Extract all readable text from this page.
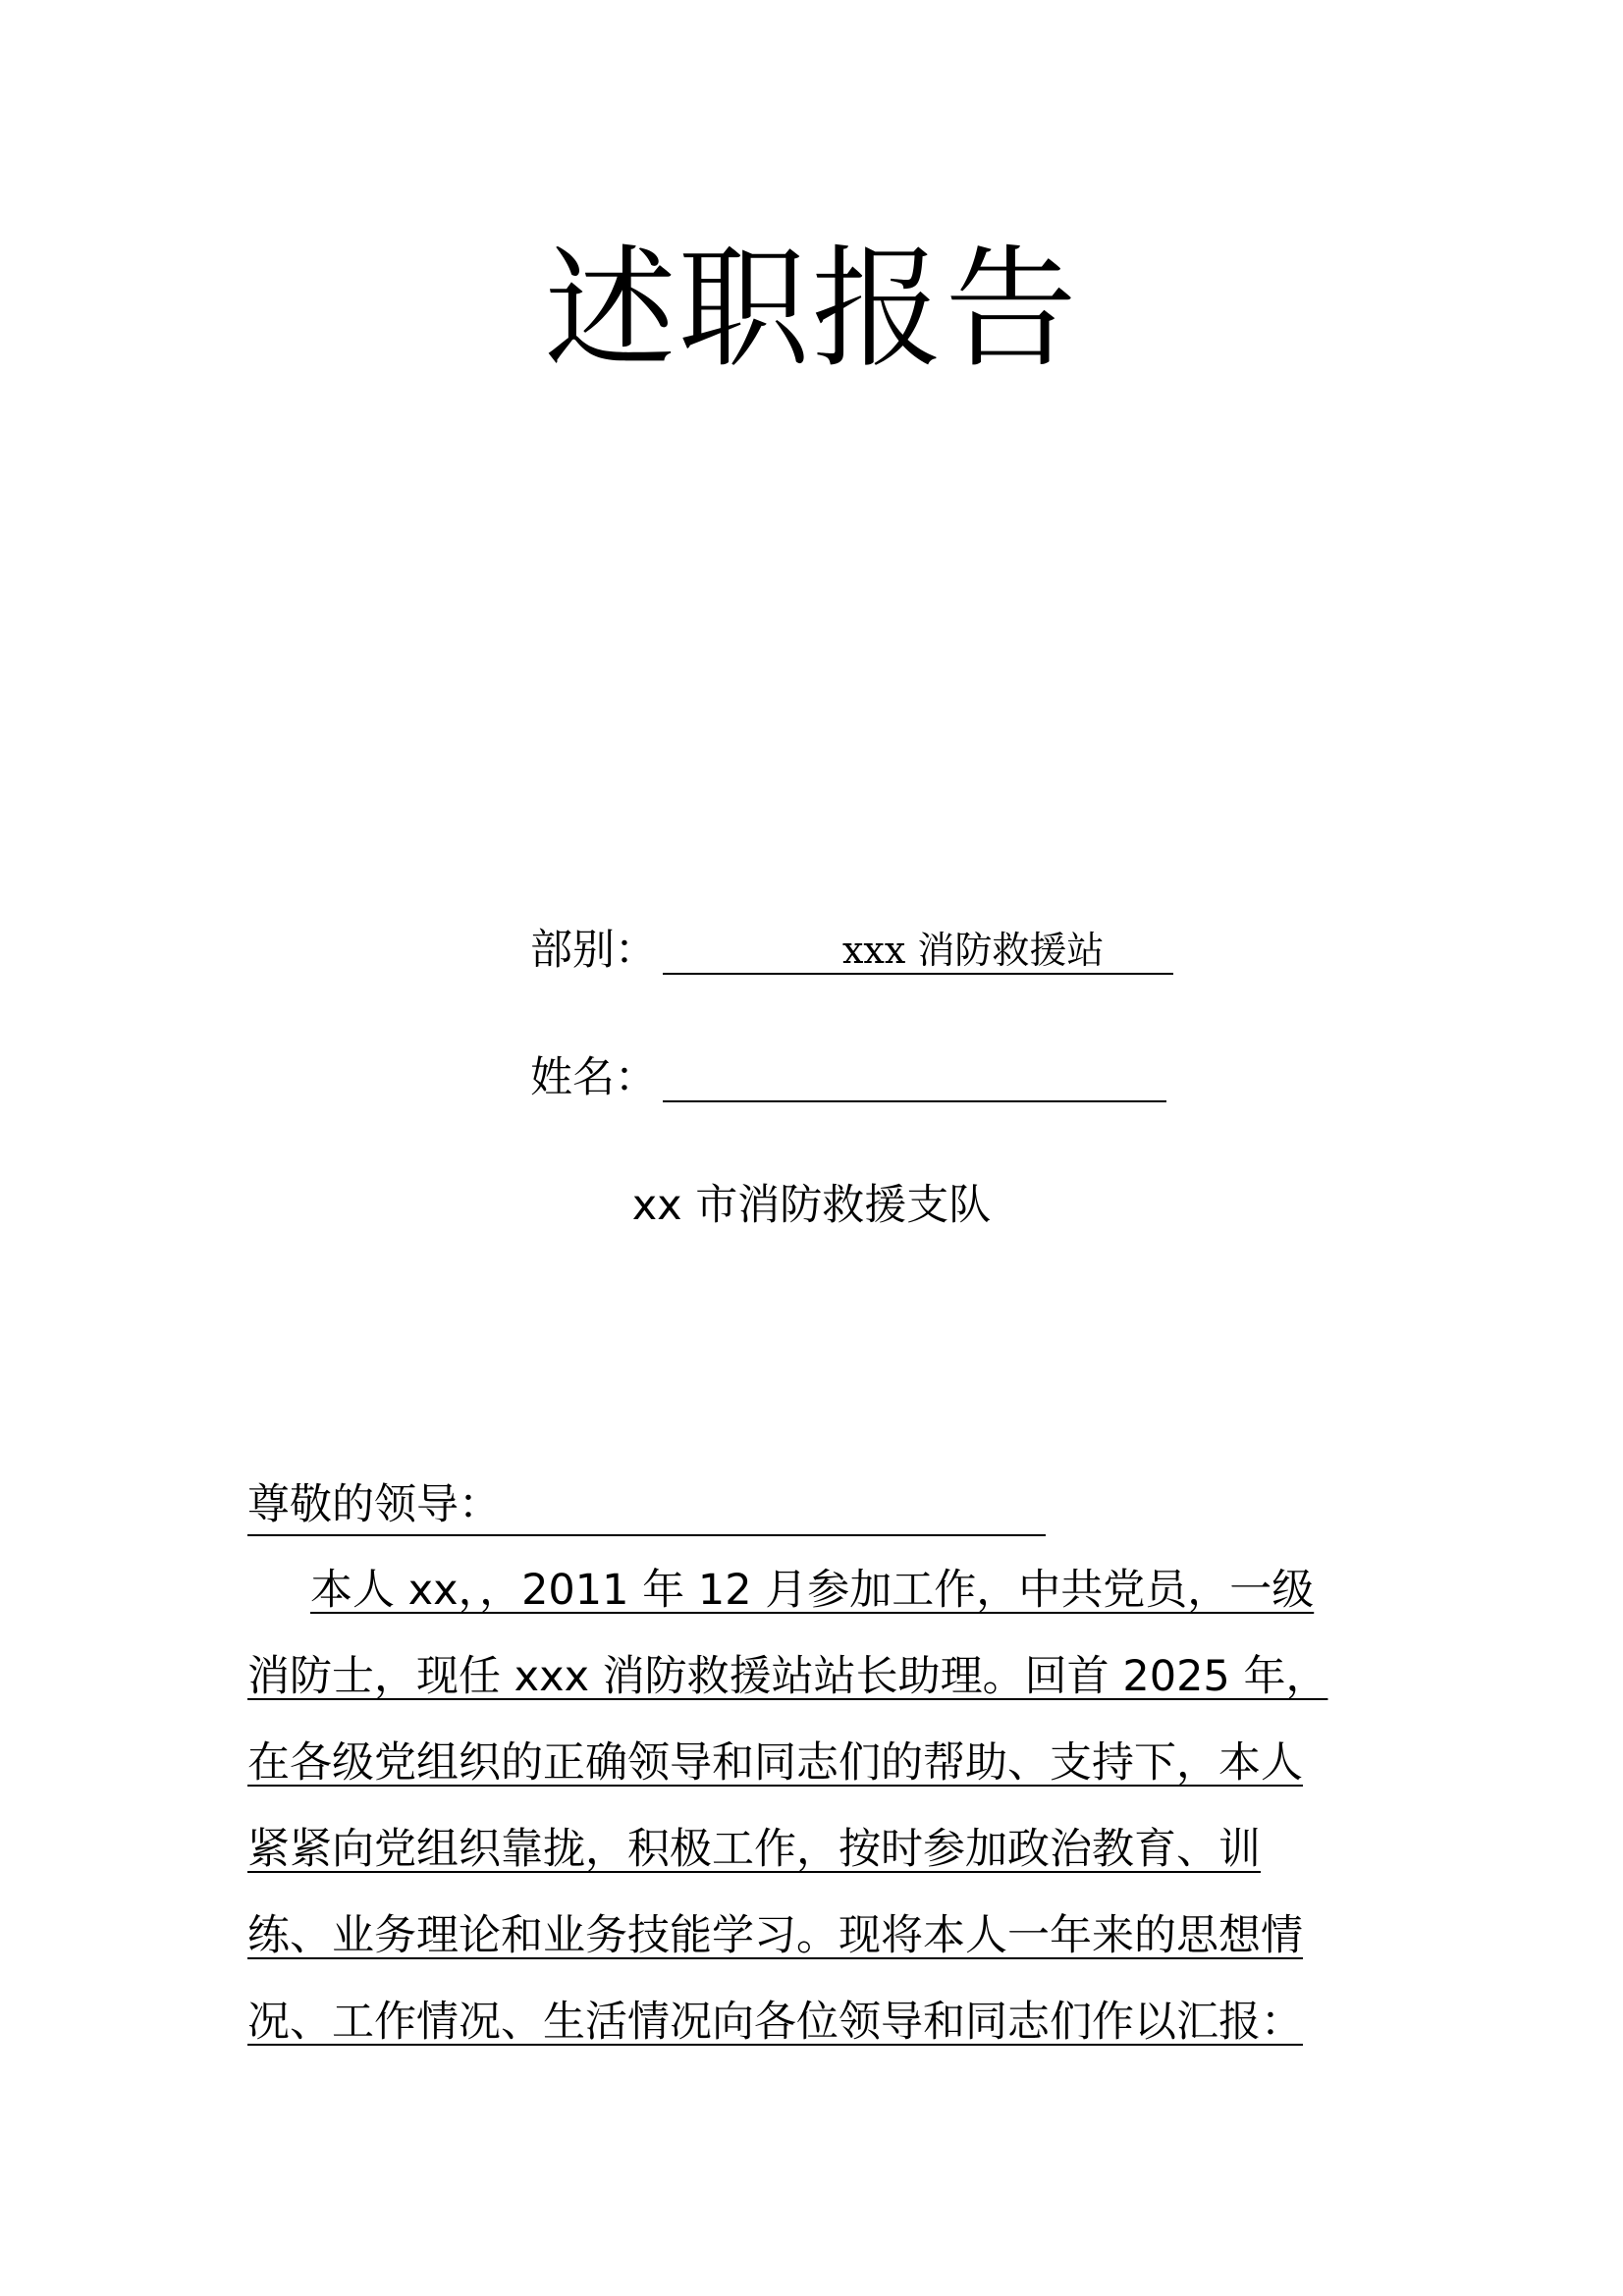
述职报告
部别：	xxx 消防救援站
姓名：
xx 市消防救援支队
尊敬的领导：
本人 xx，，2011 年 12 月参加工作，中共党员，一级
消防士，现任 xxx 消防救援站站长助理。回首 2025 年，
在各级党组织的正确领导和同志们的帮助、支持下，本人
紧紧向党组织靠拢，积极工作，按时参加政治教育、训
练、业务理论和业务技能学习。现将本人一年来的思想情
况、工作情况、生活情况向各位领导和同志们作以汇报：
